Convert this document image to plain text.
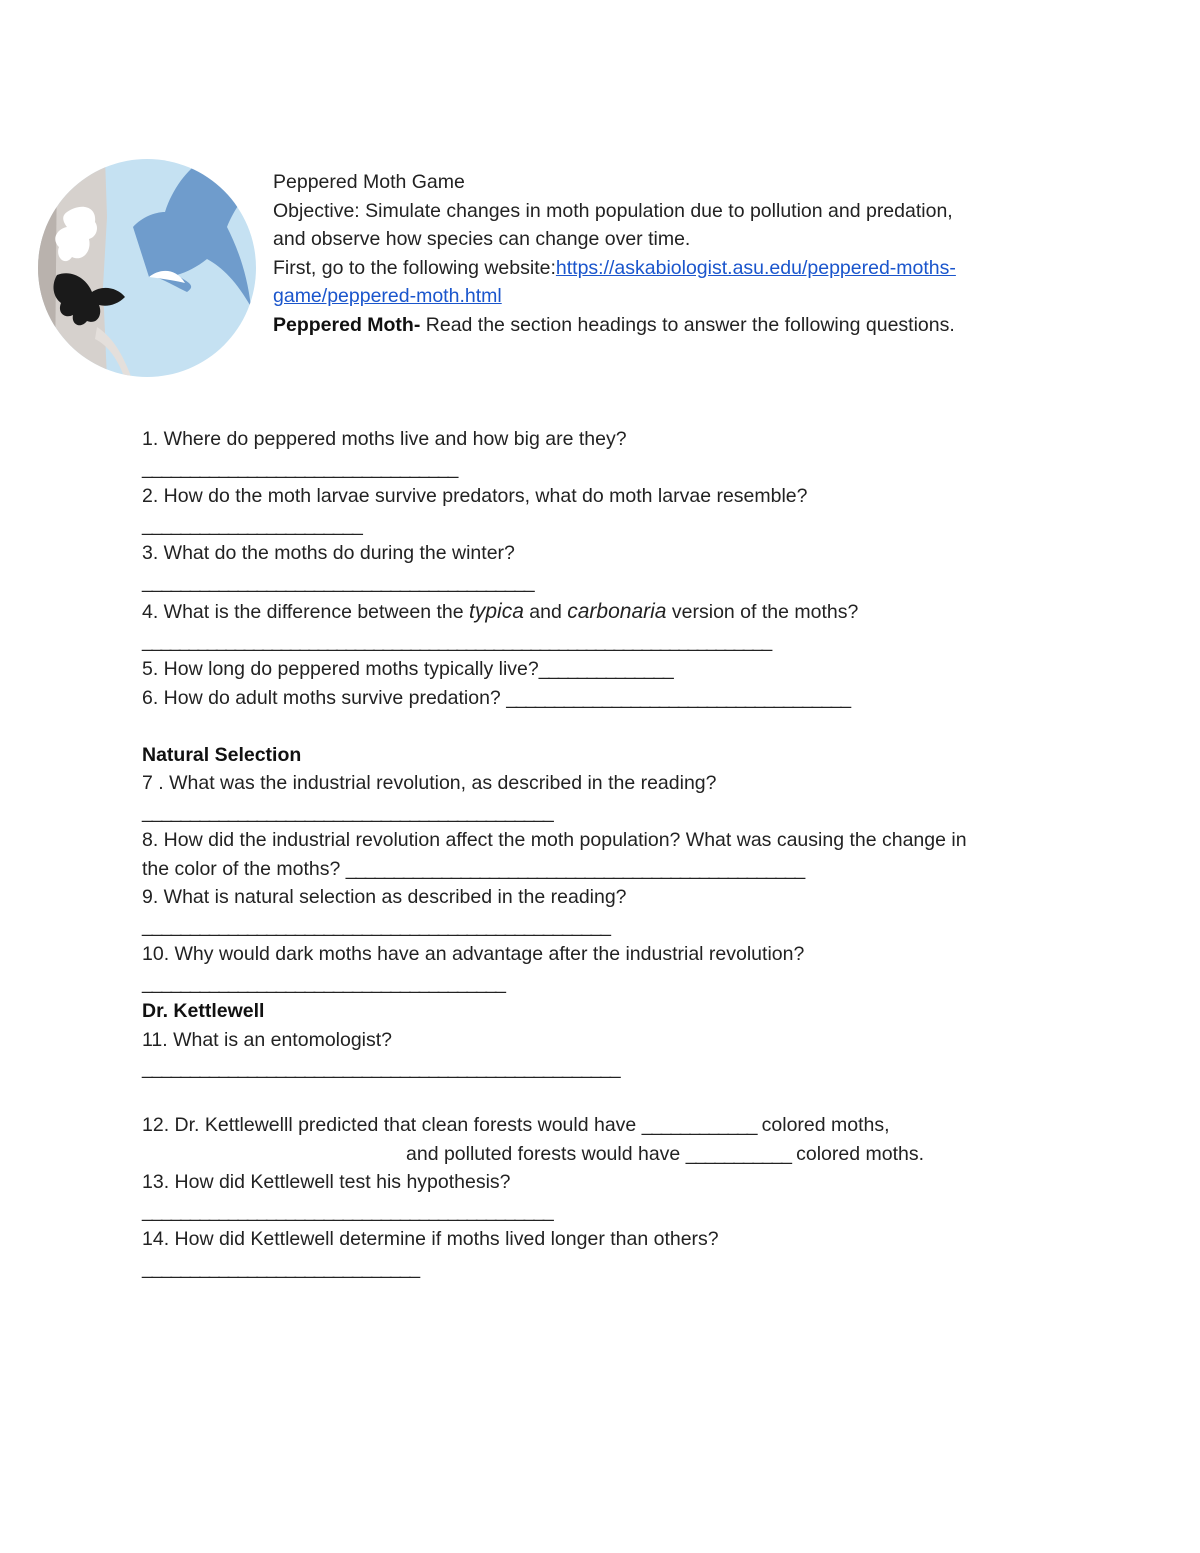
Peppered Moth Game
Objective: Simulate changes in moth population due to pollution and predation,
and observe how species can change over time.
First, go to the following website:https://askabiologist.asu.edu/peppered-moths-
game/peppered-moth.html
Peppered Moth- Read the section headings to answer the following questions.
1. Where do peppered moths live and how big are they?
_________________________________
2. How do the moth larvae survive predators, what do moth larvae resemble?
_______________________
3. What do the moths do during the winter?
_________________________________________
4. What is the difference between the typica and carbonaria version of the moths?
____________________________________________________________________
5. How long do peppered moths typically live?______________
6. How do adult moths survive predation? ____________________________________
Natural Selection
7 . What was the industrial revolution, as described in the reading?
___________________________________________
8. How did the industrial revolution affect the moth population? What was causing the change in
the color of the moths? ________________________________________________
9. What is natural selection as described in the reading?
_________________________________________________
10. Why would dark moths have an advantage after the industrial revolution?
______________________________________
Dr. Kettlewell
11. What is an entomologist?
__________________________________________________
12. Dr. Kettlewelll predicted that clean forests would have ____________ colored moths,
and polluted forests would have ___________ colored moths.
13. How did Kettlewell test his hypothesis?
___________________________________________
14. How did Kettlewell determine if moths lived longer than others?
_____________________________
